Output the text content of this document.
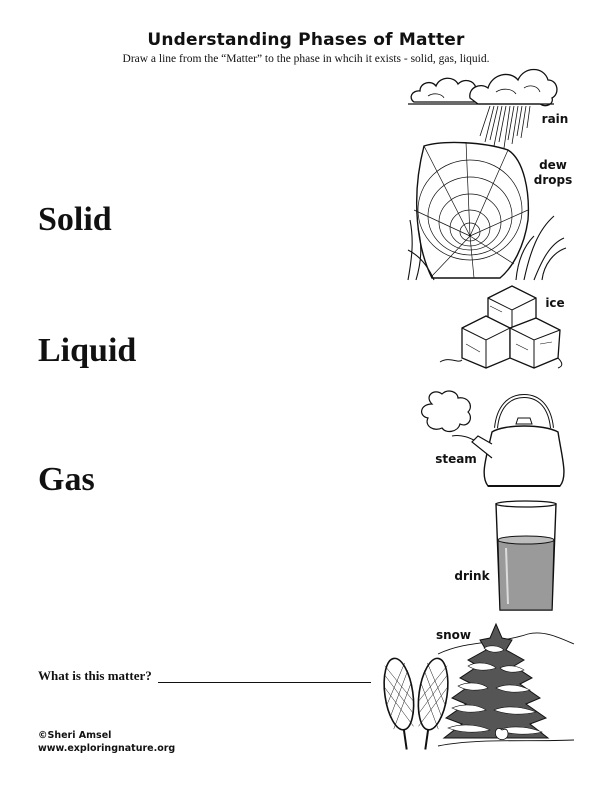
Understanding Phases of Matter
Draw a line from the “Matter” to the phase in whcih it exists - solid, gas, liquid.
Solid
Liquid
Gas
rain
dew
drops
ice
steam
drink
snow
What is this matter?
©Sheri Amsel
www.exploringnature.org
